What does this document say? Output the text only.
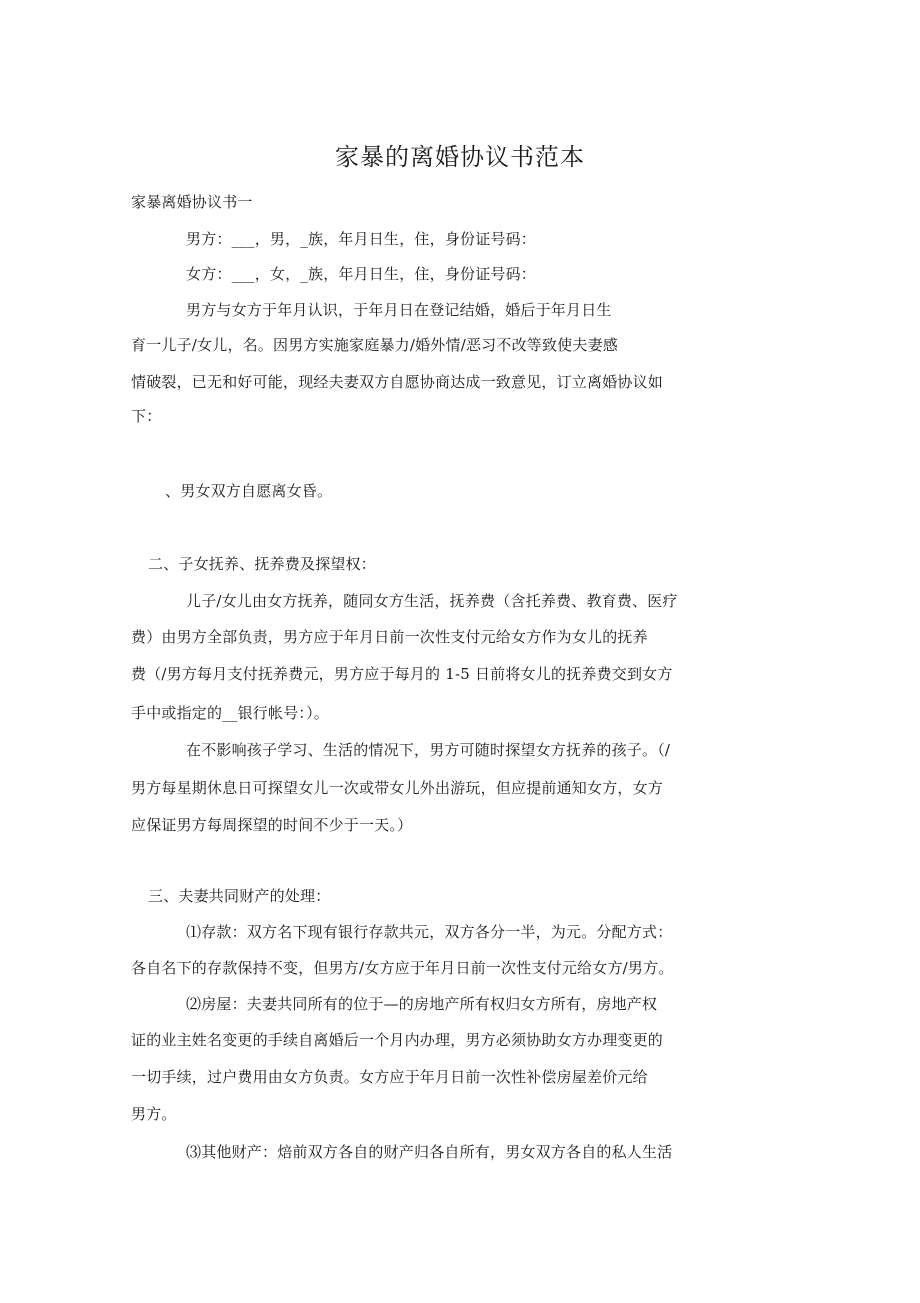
家暴的离婚协议书范本
家暴离婚协议书一
男方：___，男，_族，年月日生，住，身份证号码：
女方：___，女，_族，年月日生，住，身份证号码：
男方与女方于年月认识，于年月日在登记结婚，婚后于年月日生
育一儿子/女儿，名。因男方实施家庭暴力/婚外情/恶习不改等致使夫妻感
情破裂，已无和好可能，现经夫妻双方自愿协商达成一致意见，订立离婚协议如
下：
、男女双方自愿离女昏。
二、子女抚养、抚养费及探望权：
儿子/女儿由女方抚养，随同女方生活，抚养费（含托养费、教育费、医疗
费）由男方全部负责，男方应于年月日前一次性支付元给女方作为女儿的抚养
费（/男方每月支付抚养费元，男方应于每月的 1-5 日前将女儿的抚养费交到女方
手中或指定的__银行帐号：）。
在不影响孩子学习、生活的情况下，男方可随时探望女方抚养的孩子。（/
男方每星期休息日可探望女儿一次或带女儿外出游玩，但应提前通知女方，女方
应保证男方每周探望的时间不少于一天。）
三、夫妻共同财产的处理：
⑴存款：双方名下现有银行存款共元，双方各分一半，为元。分配方式：
各自名下的存款保持不变，但男方/女方应于年月日前一次性支付元给女方/男方。
⑵房屋：夫妻共同所有的位于—的房地产所有权归女方所有，房地产权
证的业主姓名变更的手续自离婚后一个月内办理，男方必须协助女方办理变更的
一切手续，过户费用由女方负责。女方应于年月日前一次性补偿房屋差价元给
男方。
⑶其他财产：焙前双方各自的财产归各自所有，男女双方各自的私人生活
